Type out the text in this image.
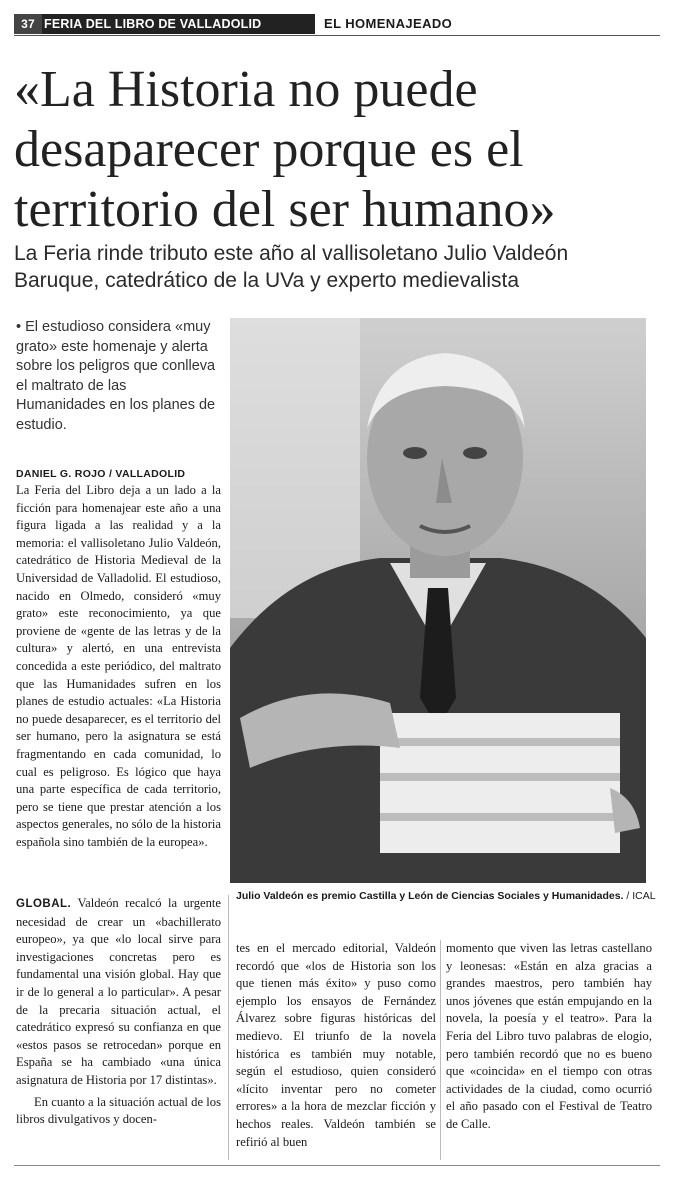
37 FERIA DEL LIBRO DE VALLADOLID	EL HOMENAJEADO
«La Historia no puede desaparecer porque es el territorio del ser humano»
La Feria rinde tributo este año al vallisoletano Julio Valdeón Baruque, catedrático de la UVa y experto medievalista
• El estudioso considera «muy grato» este homenaje y alerta sobre los peligros que conlleva el maltrato de las Humanidades en los planes de estudio.
DANIEL G. ROJO / VALLADOLID
La Feria del Libro deja a un lado a la ficción para homenajear este año a una figura ligada a las realidad y a la memoria: el vallisoletano Julio Valdeón, catedrático de Historia Medieval de la Universidad de Valladolid. El estudioso, nacido en Olmedo, consideró «muy grato» este reconocimiento, ya que proviene de «gente de las letras y de la cultura» y alertó, en una entrevista concedida a este periódico, del maltrato que las Humanidades sufren en los planes de estudio actuales: «La Historia no puede desaparecer, es el territorio del ser humano, pero la asignatura se está fragmentando en cada comunidad, lo cual es peligroso. Es lógico que haya una parte específica de cada territorio, pero se tiene que prestar atención a los aspectos generales, no sólo de la historia española sino también de la europea».
Julio Valdeón es premio Castilla y León de Ciencias Sociales y Humanidades. / ICAL
GLOBAL. Valdeón recalcó la urgente necesidad de crear un «bachillerato europeo», ya que «lo local sirve para investigaciones concretas pero es fundamental una visión global. Hay que ir de lo general a lo particular». A pesar de la precaria situación actual, el catedrático expresó su confianza en que «estos pasos se retrocedan» porque en España se ha cambiado «una única asignatura de Historia por 17 distintas».
En cuanto a la situación actual de los libros divulgativos y docen-
tes en el mercado editorial, Valdeón recordó que «los de Historia son los que tienen más éxito» y puso como ejemplo los ensayos de Fernández Álvarez sobre figuras históricas del medievo. El triunfo de la novela histórica es también muy notable, según el estudioso, quien consideró «lícito inventar pero no cometer errores» a la hora de mezclar ficción y hechos reales. Valdeón también se refirió al buen
momento que viven las letras castellano y leonesas: «Están en alza gracias a grandes maestros, pero también hay unos jóvenes que están empujando en la novela, la poesía y el teatro». Para la Feria del Libro tuvo palabras de elogio, pero también recordó que no es bueno que «coincida» en el tiempo con otras actividades de la ciudad, como ocurrió el año pasado con el Festival de Teatro de Calle.
